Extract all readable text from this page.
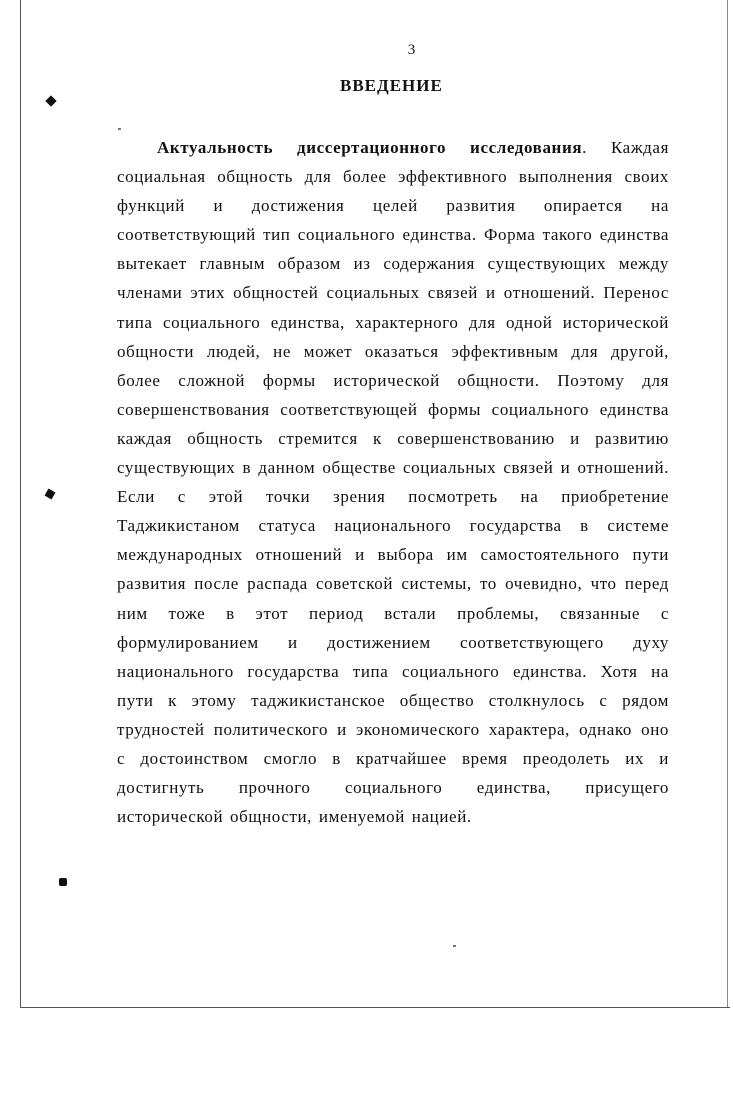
3
ВВЕДЕНИЕ

Актуальность диссертационного исследования. Каждая социальная общность для более эффективного выполнения своих функций и достижения целей развития опирается на соответствующий тип социального единства. Форма такого единства вытекает главным образом из содержания существующих между членами этих общностей социальных связей и отношений. Перенос типа социального единства, характерного для одной исторической общности людей, не может оказаться эффективным для другой, более сложной формы исторической общности. Поэтому для совершенствования соответствующей формы социального единства каждая общность стремится к совершенствованию и развитию существующих в данном обществе социальных связей и отношений. Если с этой точки зрения посмотреть на приобретение Таджикистаном статуса национального государства в системе международных отношений и выбора им самостоятельного пути развития после распада советской системы, то очевидно, что перед ним тоже в этот период встали проблемы, связанные с формулированием и достижением соответствующего духу национального государства типа социального единства. Хотя на пути к этому таджикистанское общество столкнулось с рядом трудностей политического и экономического характера, однако оно с достоинством смогло в кратчайшее время преодолеть их и достигнуть прочного социального единства, присущего исторической общности, именуемой нацией.
